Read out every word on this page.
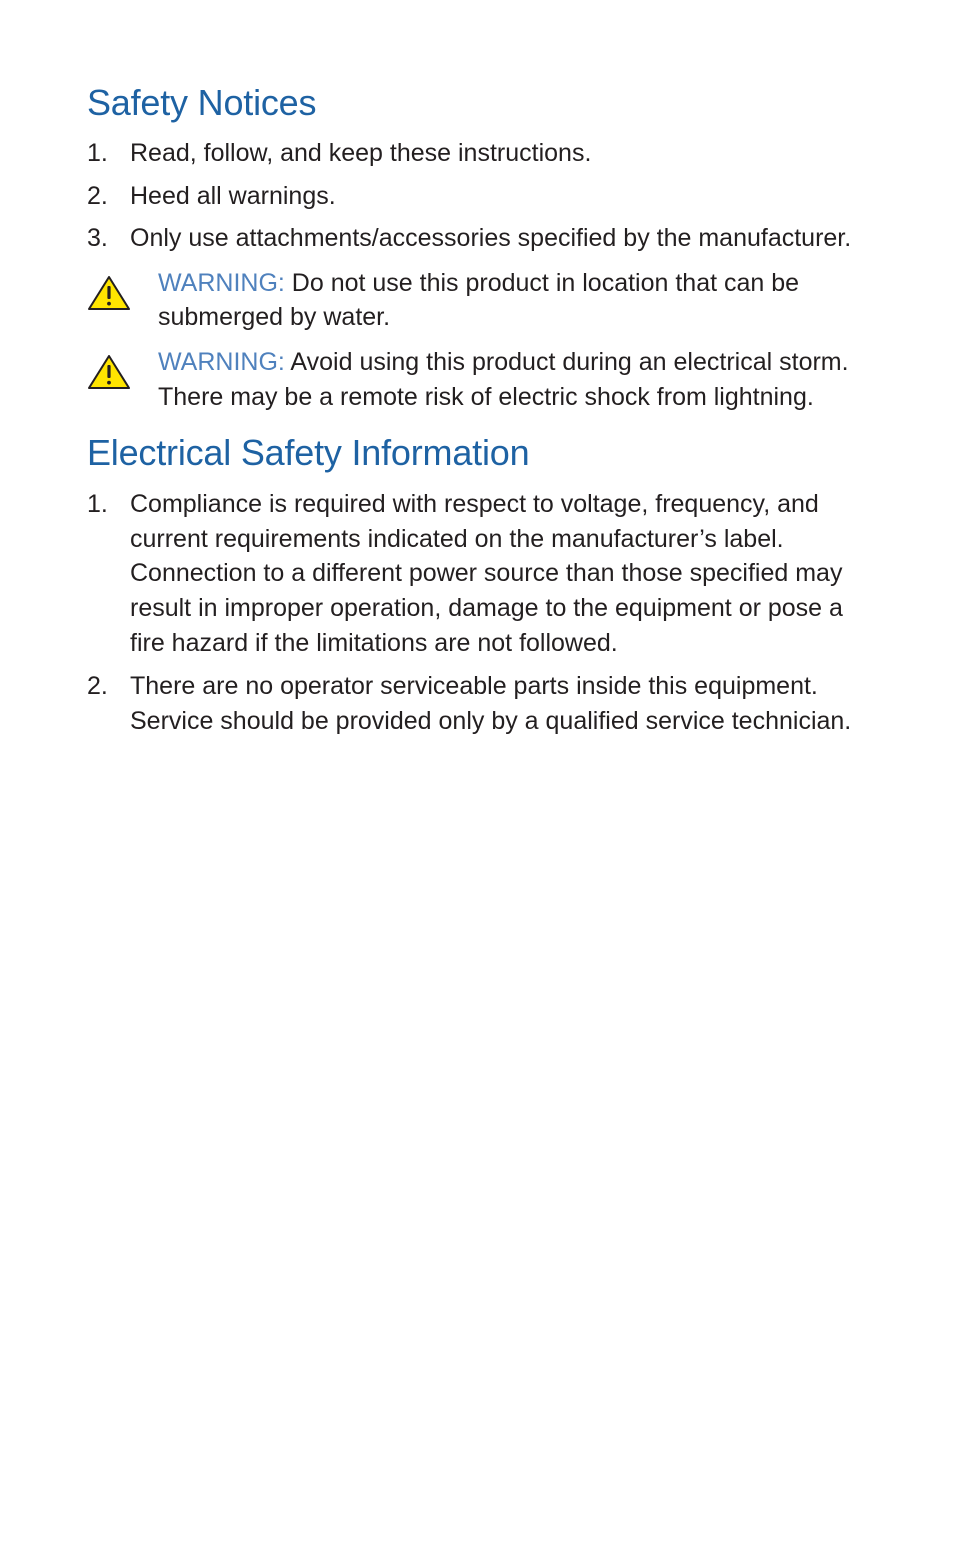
Safety Notices
1. Read, follow, and keep these instructions.
2. Heed all warnings.
3. Only use attachments/accessories specified by the manufacturer.
WARNING: Do not use this product in location that can be submerged by water.
WARNING: Avoid using this product during an electrical storm. There may be a remote risk of electric shock from lightning.
Electrical Safety Information
1. Compliance is required with respect to voltage, frequency, and current requirements indicated on the manufacturer’s label. Connection to a different power source than those specified may result in improper operation, damage to the equipment or pose a fire hazard if the limitations are not followed.
2. There are no operator serviceable parts inside this equipment. Service should be provided only by a qualified service technician.
